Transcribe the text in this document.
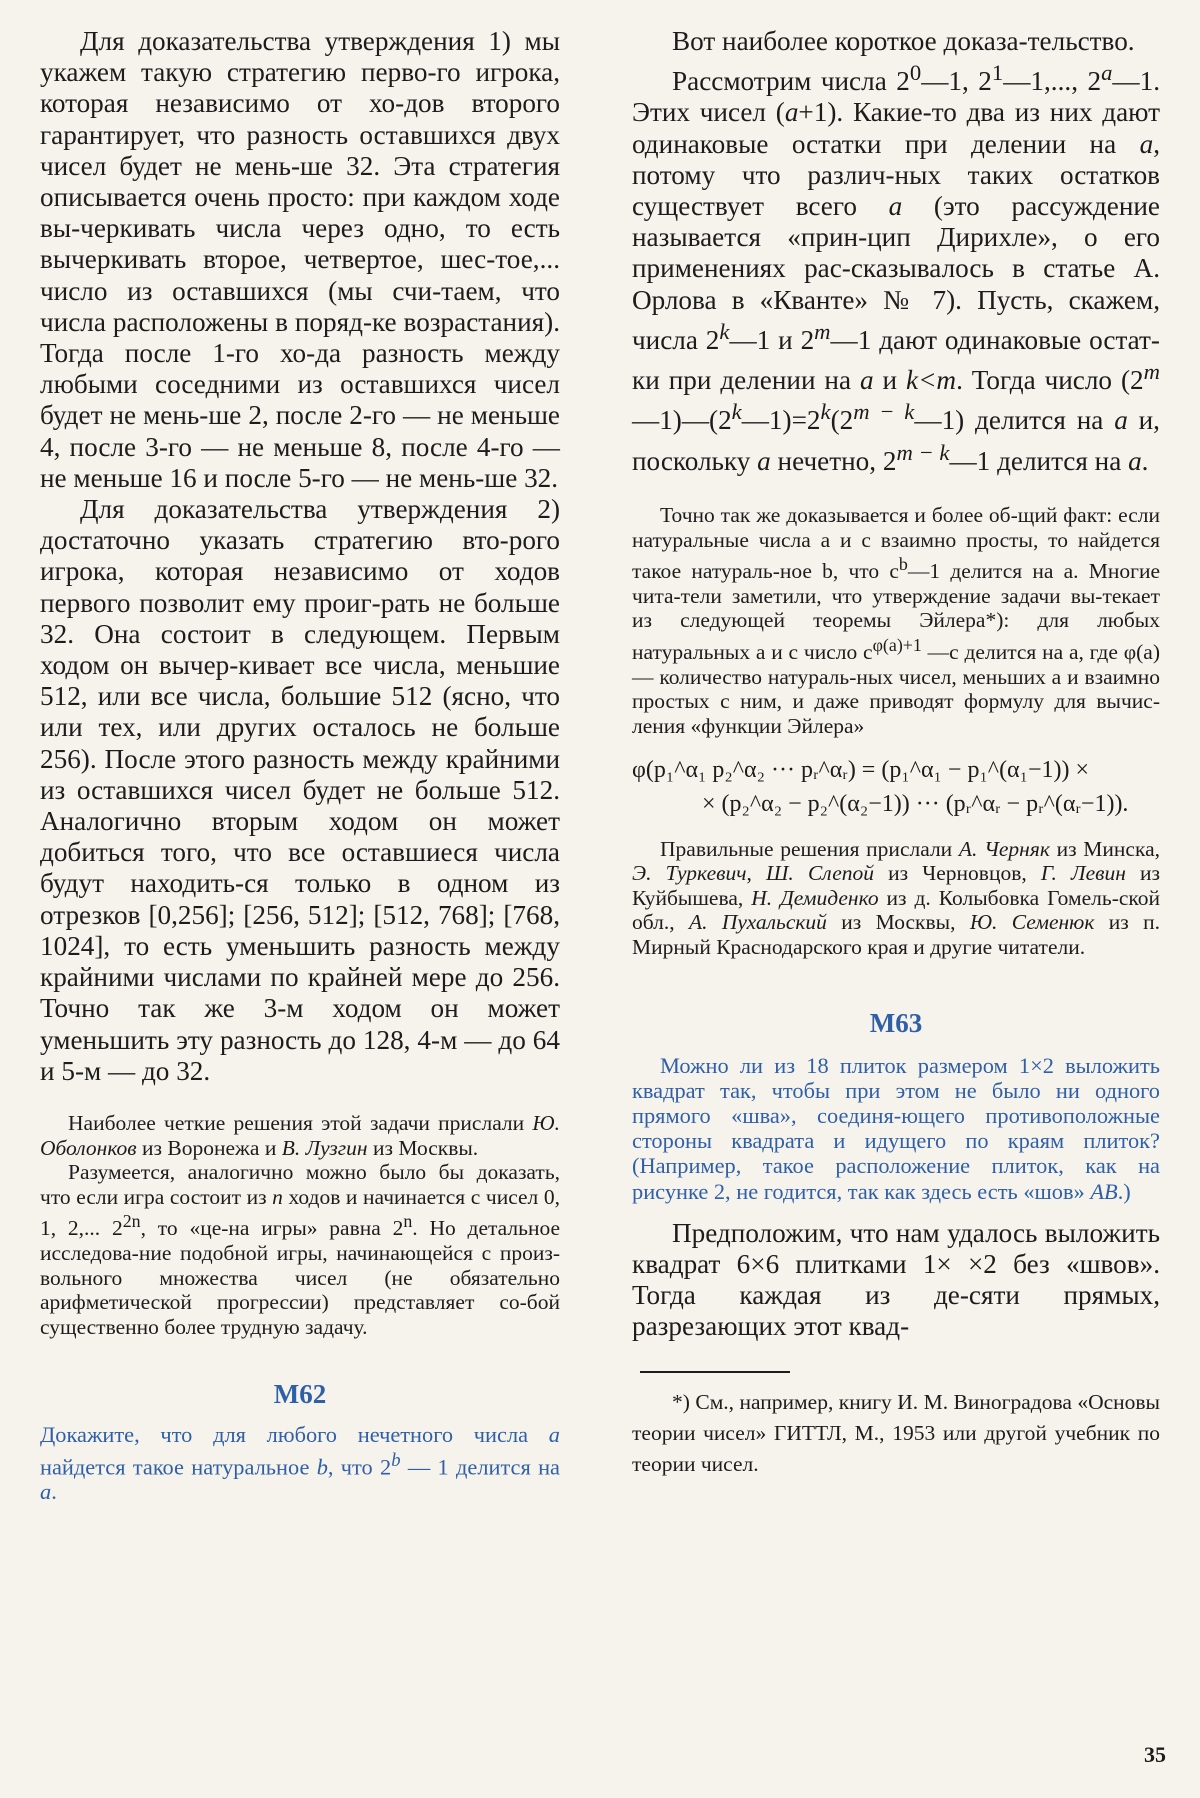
Для доказательства утверждения 1) мы укажем такую стратегию перво-го игрока, которая независимо от хо-дов второго гарантирует, что разность оставшихся двух чисел будет не мень-ше 32. Эта стратегия описывается очень просто: при каждом ходе вы-черкивать числа через одно, то есть вычеркивать второе, четвертое, шес-тое,... число из оставшихся (мы счи-таем, что числа расположены в поряд-ке возрастания). Тогда после 1-го хо-да разность между любыми соседними из оставшихся чисел будет не мень-ше 2, после 2-го — не меньше 4, после 3-го — не меньше 8, после 4-го — не меньше 16 и после 5-го — не мень-ше 32.

Для доказательства утверждения 2) достаточно указать стратегию вто-рого игрока, которая независимо от ходов первого позволит ему проиг-рать не больше 32. Она состоит в следующем. Первым ходом он вычер-кивает все числа, меньшие 512, или все числа, большие 512 (ясно, что или тех, или других осталось не больше 256). После этого разность между крайними из оставшихся чисел будет не больше 512. Аналогично вторым ходом он может добиться того, что все оставшиеся числа будут находить-ся только в одном из отрезков [0,256]; [256, 512]; [512, 768]; [768, 1024], то есть уменьшить разность между крайними числами по крайней мере до 256. Точно так же 3-м ходом он может уменьшить эту разность до 128, 4-м — до 64 и 5-м — до 32.

Наиболее четкие решения этой задачи прислали Ю. Оболонков из Воронежа и В. Лузгин из Москвы.

Разумеется, аналогично можно было бы доказать, что если игра состоит из n ходов и начинается с чисел 0, 1, 2,... $2^{2n}$, то «це-на игры» равна 2$^n$. Но детальное исследова-ние подобной игры, начинающейся с произ-вольного множества чисел (не обязательно арифметической прогрессии) представляет со-бой существенно более трудную задачу.

М62

Докажите, что для любого нечетного числа a найдется такое натуральное b, что 2$^b$ — 1 делится на a.

Вот наиболее короткое доказа-тельство.

Рассмотрим числа $2^0—1$, $2^1—1$,..., 2$^a$—1. Этих чисел (a+1). Какие-то два из них дают одинаковые остатки при делении на a, потому что различ-ных таких остатков существует всего a (это рассуждение называется «прин-цип Дирихле», о его применениях рас-сказывалось в статье А. Орлова в «Кванте» № 7). Пусть, скажем, числа 2$^k$—1 и 2$^m$—1 дают одинаковые остат-ки при делении на a и k<m. Тогда число $(2^m—1)—(2^k—1)=2^k(2^{m - k}—1)$ делится на a и, поскольку a нечетно, $2^{m - k}—1$ делится на a.

Точно так же доказывается и более об-щий факт: если натуральные числа a и c взаимно просты, то найдется такое натураль-ное b, что $c^b—1$ делится на a. Многие чита-тели заметили, что утверждение задачи вы-текает из следующей теоремы Эйлера*): для любых натуральных a и c число $c^{\varphi(a)+1}$ —c делится на a, где φ(a) — количество натураль-ных чисел, меньших a и взаимно простых с ним, и даже приводят формулу для вычис-ления «функции Эйлера»

φ(p₁^α₁ p₂^α₂ ··· pᵣ^αᵣ) = (p₁^α₁ − p₁^(α₁−1)) ×

× (p₂^α₂ − p₂^(α₂−1)) ··· (pᵣ^αᵣ − pᵣ^(αᵣ−1)).

Правильные решения прислали А. Черняк из Минска, Э. Туркевич, Ш. Слепой из Черновцов, Г. Левин из Куйбышева, Н. Демиденко из д. Колыбовка Гомель-ской обл., А. Пухальский из Москвы, Ю. Семенюк из п. Мирный Краснодарского края и другие читатели.

М63

Можно ли из 18 плиток размером 1×2 выложить квадрат так, чтобы при этом не было ни одного прямого «шва», соединя-ющего противоположные стороны квадрата и идущего по краям плиток? (Например, такое расположение плиток, как на рисунке 2, не годится, так как здесь есть «шов» AB.)

Предположим, что нам удалось выложить квадрат 6×6 плитками 1× ×2 без «швов». Тогда каждая из де-сяти прямых, разрезающих этот квад-

*) См., например, книгу И. М. Виноградова «Основы теории чисел» ГИТТЛ, М., 1953 или другой учебник по теории чисел.

35
